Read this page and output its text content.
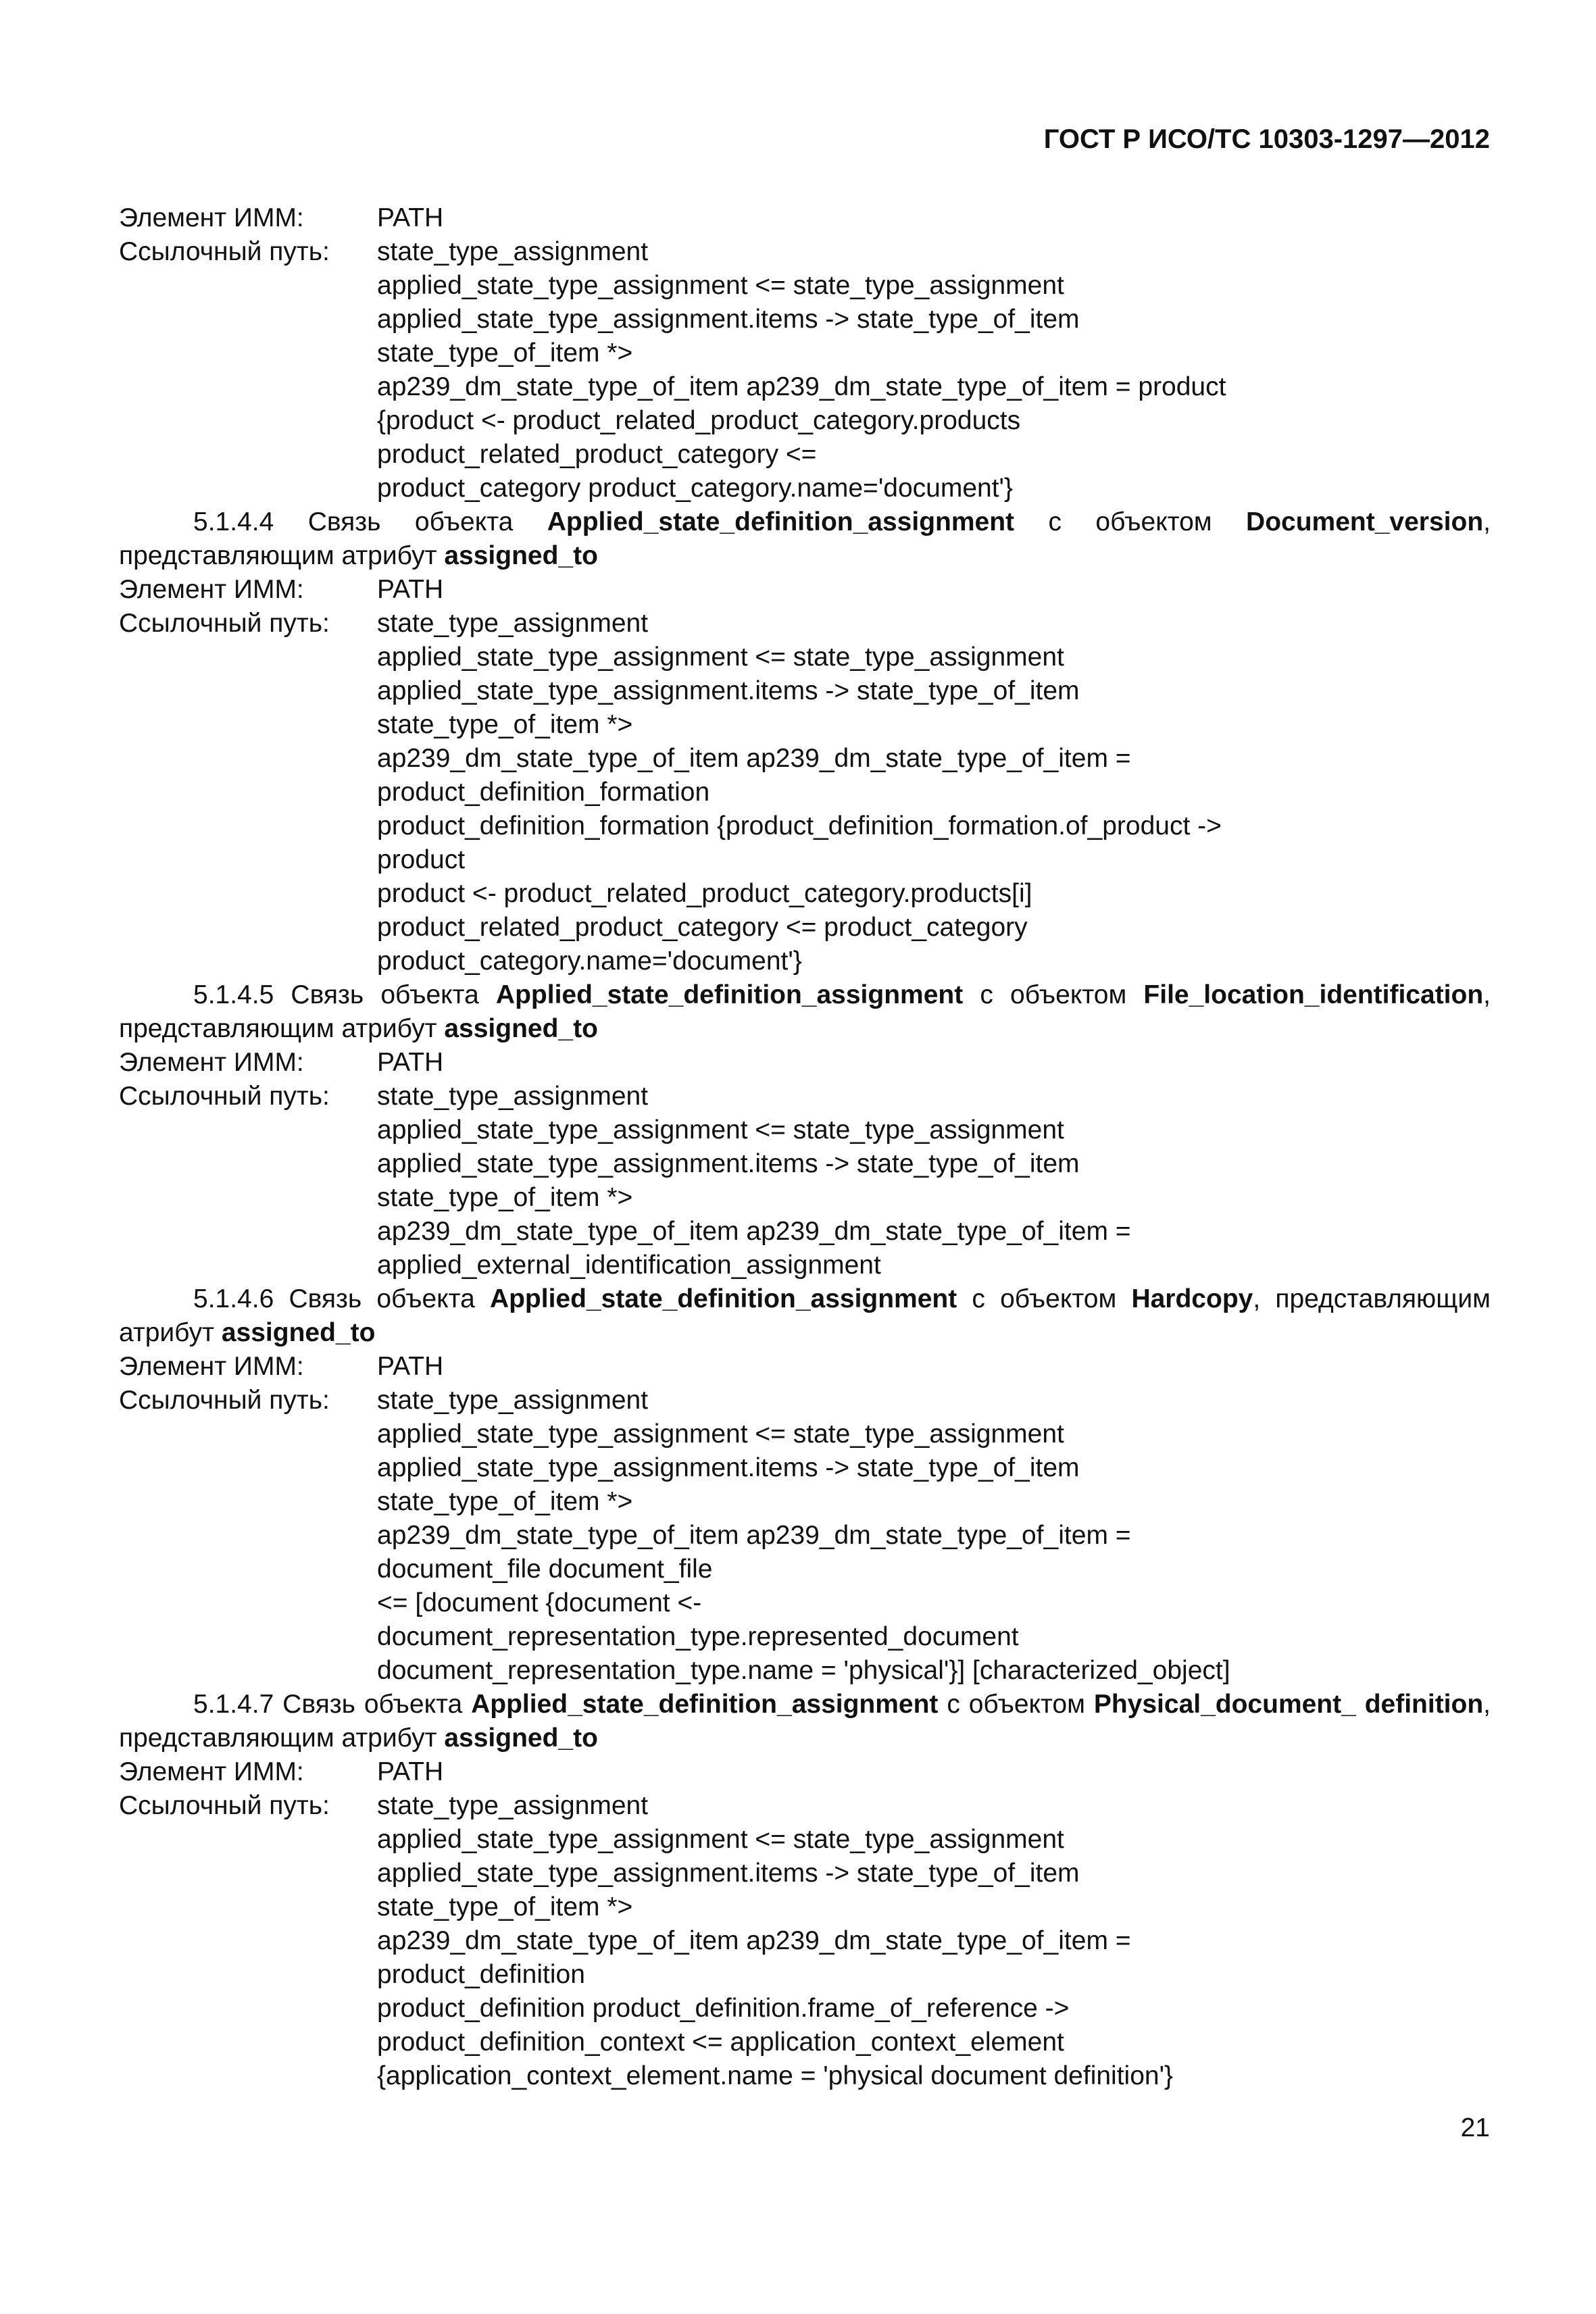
ГОСТ Р ИСО/ТС 10303-1297—2012
Элемент ИММ:	PATH
Ссылочный путь:	state_type_assignment
applied_state_type_assignment <= state_type_assignment
applied_state_type_assignment.items -> state_type_of_item
state_type_of_item *>
ap239_dm_state_type_of_item ap239_dm_state_type_of_item = product
{product <- product_related_product_category.products
product_related_product_category <=
product_category product_category.name='document'}

5.1.4.4 Связь объекта Applied_state_definition_assignment с объектом Document_version, представляющим атрибут assigned_to

Элемент ИММ:	PATH
Ссылочный путь:	state_type_assignment
applied_state_type_assignment <= state_type_assignment
applied_state_type_assignment.items -> state_type_of_item
state_type_of_item *>
ap239_dm_state_type_of_item ap239_dm_state_type_of_item =
product_definition_formation
product_definition_formation {product_definition_formation.of_product ->
product
product <- product_related_product_category.products[i]
product_related_product_category <= product_category
product_category.name='document'}

5.1.4.5 Связь объекта Applied_state_definition_assignment с объектом File_location_identification, представляющим атрибут assigned_to

Элемент ИММ:	PATH
Ссылочный путь:	state_type_assignment
applied_state_type_assignment <= state_type_assignment
applied_state_type_assignment.items -> state_type_of_item
state_type_of_item *>
ap239_dm_state_type_of_item ap239_dm_state_type_of_item =
applied_external_identification_assignment

5.1.4.6 Связь объекта Applied_state_definition_assignment с объектом Hardcopy, представляющим атрибут assigned_to

Элемент ИММ:	PATH
Ссылочный путь:	state_type_assignment
applied_state_type_assignment <= state_type_assignment
applied_state_type_assignment.items -> state_type_of_item
state_type_of_item *>
ap239_dm_state_type_of_item ap239_dm_state_type_of_item =
document_file document_file
<= [document {document <-
document_representation_type.represented_document
document_representation_type.name = 'physical'}] [characterized_object]

5.1.4.7 Связь объекта Applied_state_definition_assignment с объектом Physical_document_ definition, представляющим атрибут assigned_to

Элемент ИММ:	PATH
Ссылочный путь:	state_type_assignment
applied_state_type_assignment <= state_type_assignment
applied_state_type_assignment.items -> state_type_of_item
state_type_of_item *>
ap239_dm_state_type_of_item ap239_dm_state_type_of_item =
product_definition
product_definition product_definition.frame_of_reference ->
product_definition_context <= application_context_element
{application_context_element.name = 'physical document definition'}
21
